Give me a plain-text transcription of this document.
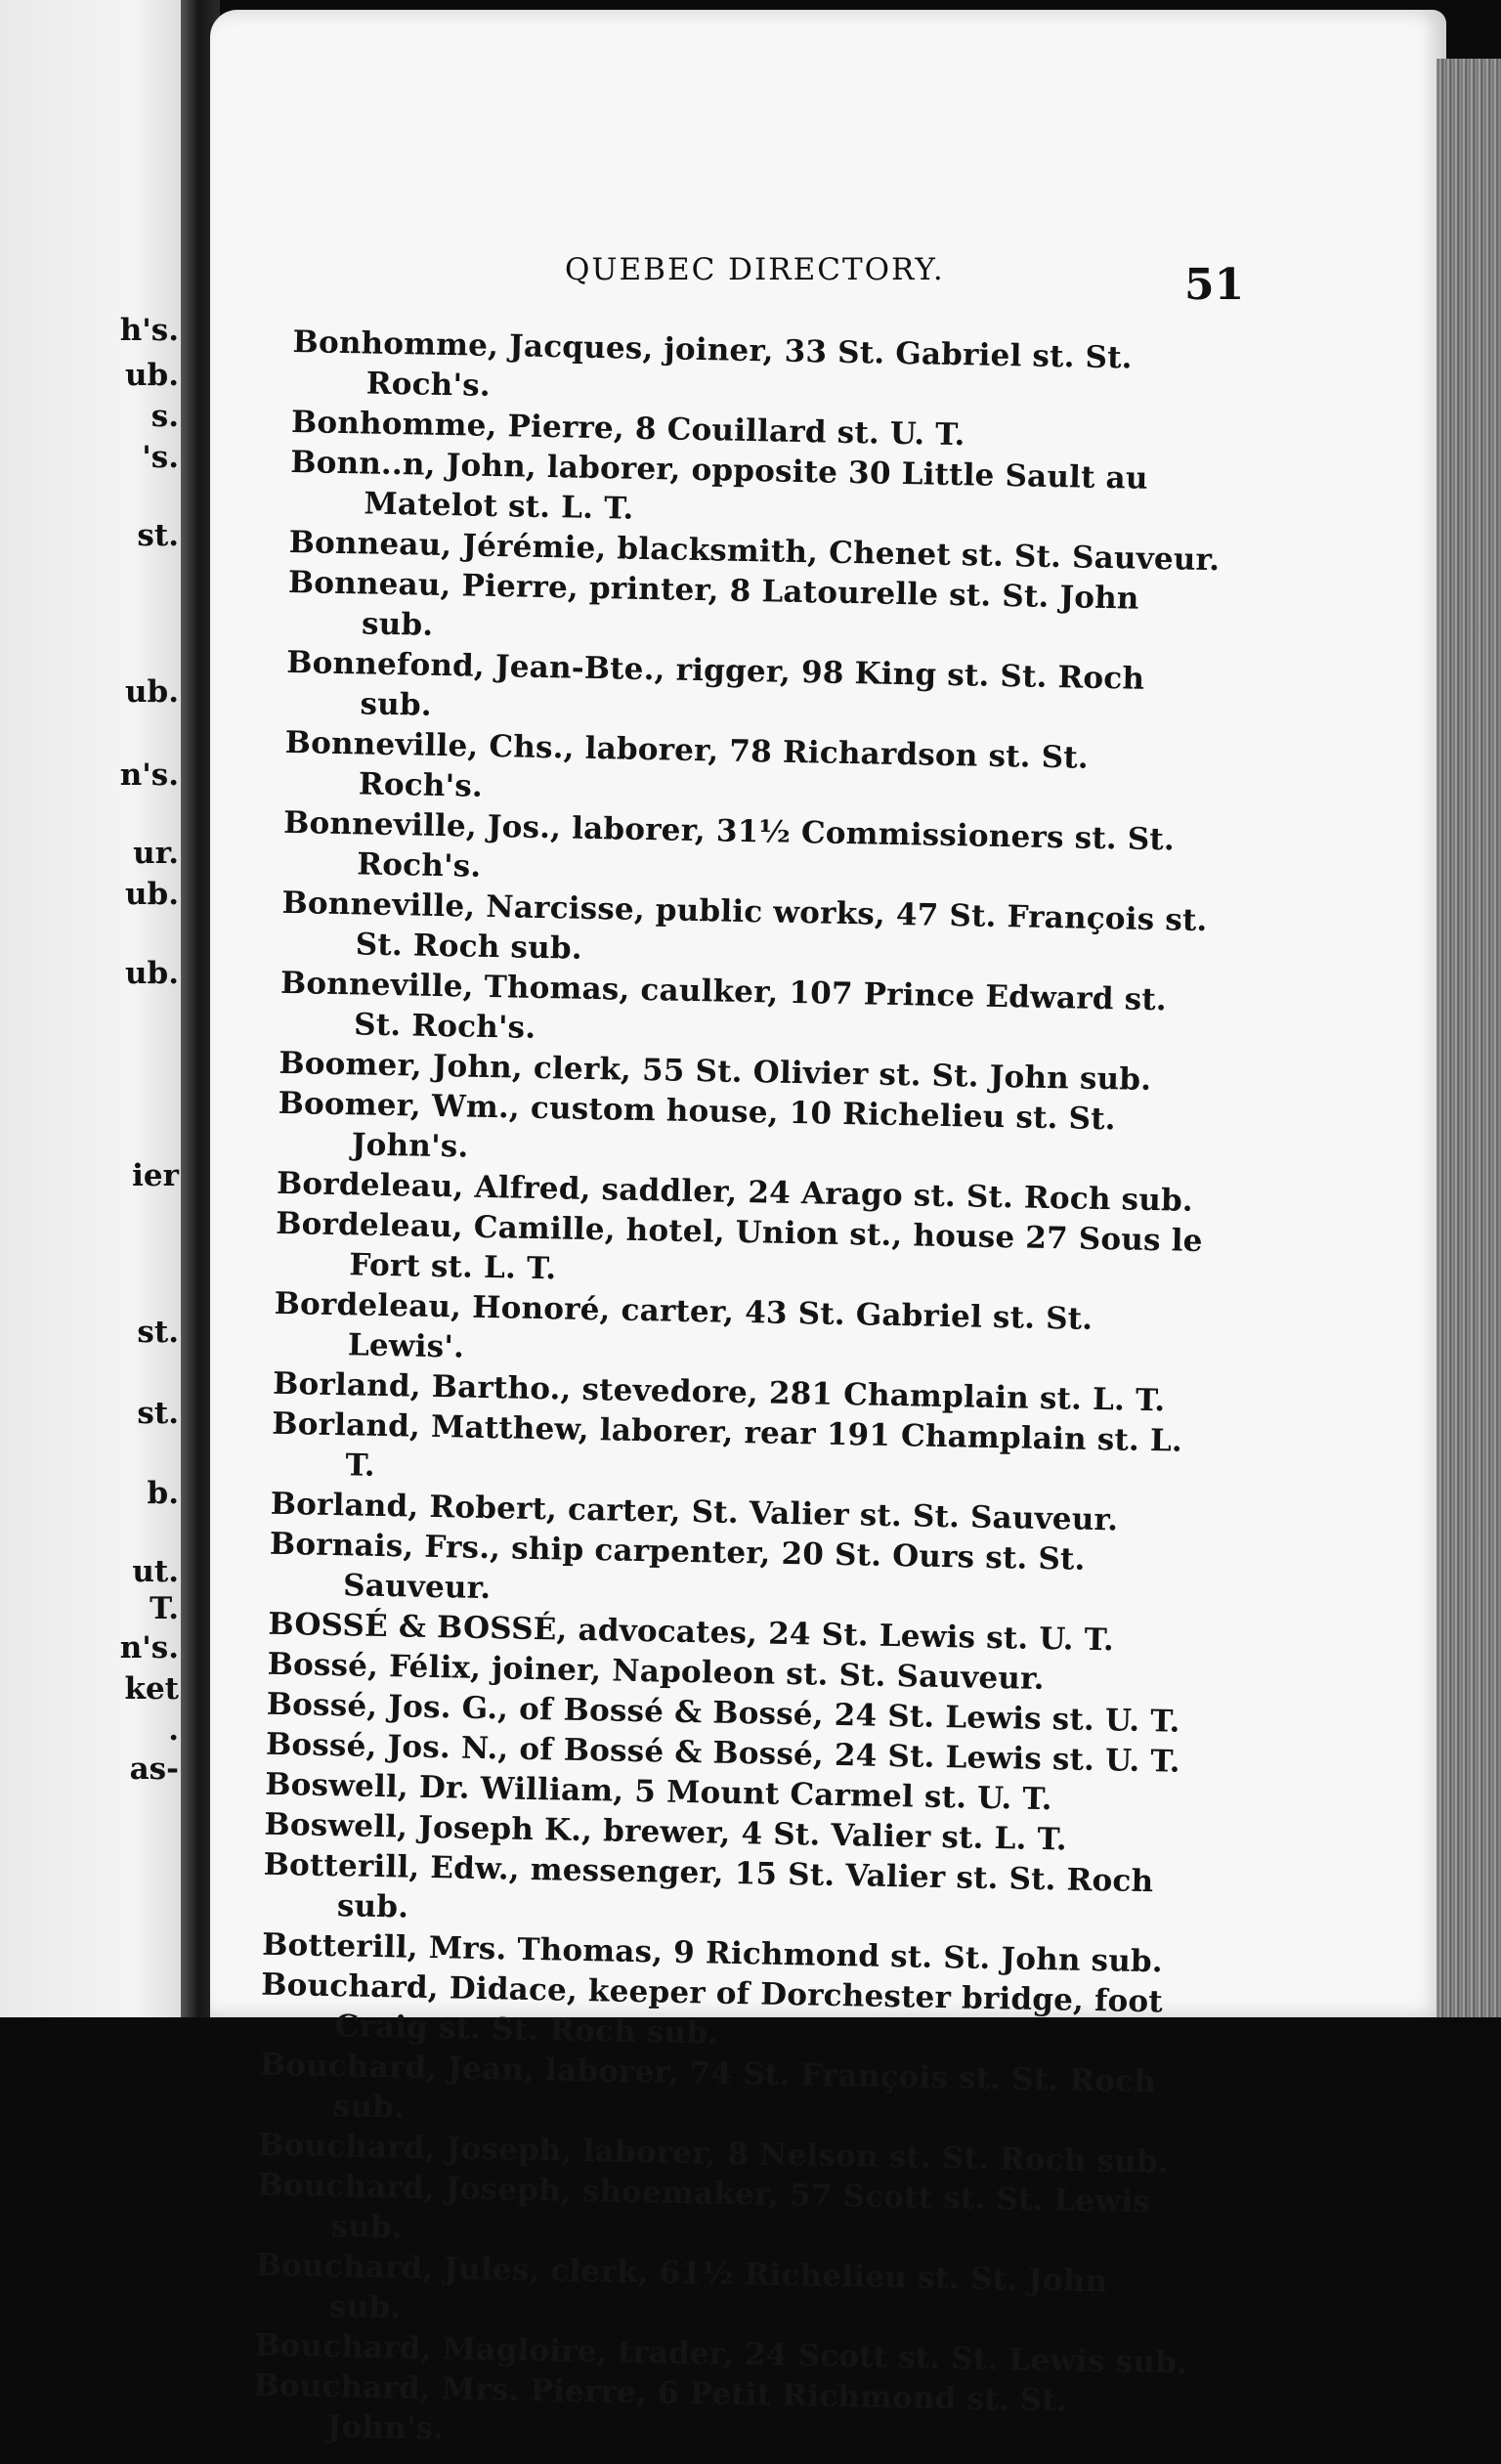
h's.
ub.
s.
's.
st.
ub.
n's.
ur.
ub.
ub.
ier
st.
st.
b.
ut.
T.
n's.
ket
.
as-
QUEBEC DIRECTORY.	51
Bonhomme, Jacques, joiner, 33 St. Gabriel st. St. Roch's.
Bonhomme, Pierre, 8 Couillard st. U. T.
Bonn..n, John, laborer, opposite 30 Little Sault au Matelot st. L. T.
Bonneau, Jérémie, blacksmith, Chenet st. St. Sauveur.
Bonneau, Pierre, printer, 8 Latourelle st. St. John sub.
Bonnefond, Jean-Bte., rigger, 98 King st. St. Roch sub.
Bonneville, Chs., laborer, 78 Richardson st. St. Roch's.
Bonneville, Jos., laborer, 31½ Commissioners st. St. Roch's.
Bonneville, Narcisse, public works, 47 St. François st. St. Roch sub.
Bonneville, Thomas, caulker, 107 Prince Edward st. St. Roch's.
Boomer, John, clerk, 55 St. Olivier st. St. John sub.
Boomer, Wm., custom house, 10 Richelieu st. St. John's.
Bordeleau, Alfred, saddler, 24 Arago st. St. Roch sub.
Bordeleau, Camille, hotel, Union st., house 27 Sous le Fort st. L. T.
Bordeleau, Honoré, carter, 43 St. Gabriel st. St. Lewis'.
Borland, Bartho., stevedore, 281 Champlain st. L. T.
Borland, Matthew, laborer, rear 191 Champlain st. L. T.
Borland, Robert, carter, St. Valier st. St. Sauveur.
Bornais, Frs., ship carpenter, 20 St. Ours st. St. Sauveur.
BOSSÉ & BOSSÉ, advocates, 24 St. Lewis st. U. T.
Bossé, Félix, joiner, Napoleon st. St. Sauveur.
Bossé, Jos. G., of Bossé & Bossé, 24 St. Lewis st. U. T.
Bossé, Jos. N., of Bossé & Bossé, 24 St. Lewis st. U. T.
Boswell, Dr. William, 5 Mount Carmel st. U. T.
Boswell, Joseph K., brewer, 4 St. Valier st. L. T.
Botterill, Edw., messenger, 15 St. Valier st. St. Roch sub.
Botterill, Mrs. Thomas, 9 Richmond st. St. John sub.
Bouchard, Didace, keeper of Dorchester bridge, foot Craig st. St. Roch sub.
Bouchard, Jean, laborer, 74 St. François st. St. Roch sub.
Bouchard, Joseph, laborer, 8 Nelson st. St. Roch sub.
Bouchard, Joseph, shoemaker, 57 Scott st. St. Lewis sub.
Bouchard, Jules, clerk, 61½ Richelieu st. St. John sub.
Bouchard, Magloire, trader, 24 Scott st. St. Lewis sub.
Bouchard, Mrs. Pierre, 6 Petit Richmond st. St. John's.
